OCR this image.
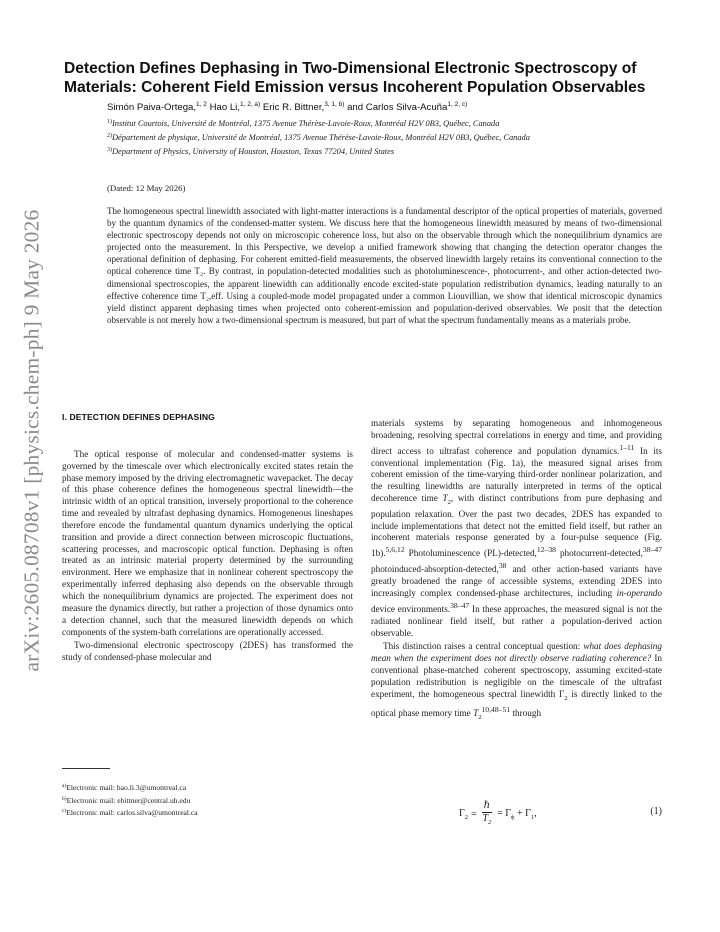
arXiv:2605.08708v1 [physics.chem-ph] 9 May 2026
Detection Defines Dephasing in Two-Dimensional Electronic Spectroscopy of Materials: Coherent Field Emission versus Incoherent Population Observables
Simón Paiva-Ortega,$^{1, 2}$ Hao Li,$^{1, 2, a)}$ Eric R. Bittner,$^{3, 1, b)}$ and Carlos Silva-Acuña$^{1, 2, c)}$
$^{1)}$Institut Courtois, Université de Montréal, 1375 Avenue Thérèse-Lavoie-Roux, Montréal H2V 0B3, Québec, Canada
$^{2)}$Département de physique, Université de Montréal, 1375 Avenue Thérèse-Lavoie-Roux, Montréal H2V 0B3, Québec, Canada
$^{3)}$Department of Physics, University of Houston, Houston, Texas 77204, United States
(Dated: 12 May 2026)
The homogeneous spectral linewidth associated with light-matter interactions is a fundamental descriptor of the optical properties of materials, governed by the quantum dynamics of the condensed-matter system. We discuss here that the homogeneous linewidth measured by means of two-dimensional electronic spectroscopy depends not only on microscopic coherence loss, but also on the observable through which the nonequilibrium dynamics are projected onto the measurement. In this Perspective, we develop a unified framework showing that changing the detection operator changes the operational definition of dephasing. For coherent emitted-field measurements, the observed linewidth largely retains its conventional connection to the optical coherence time T₂. By contrast, in population-detected modalities such as photoluminescence-, photocurrent-, and other action-detected two-dimensional spectroscopies, the apparent linewidth can additionally encode excited-state population redistribution dynamics, leading naturally to an effective coherence time T₂,eff. Using a coupled-mode model propagated under a common Liouvillian, we show that identical microscopic dynamics yield distinct apparent dephasing times when projected onto coherent-emission and population-derived observables. We posit that the detection observable is not merely how a two-dimensional spectrum is measured, but part of what the spectrum fundamentally means as a materials probe.
I. DETECTION DEFINES DEPHASING

The optical response of molecular and condensed-matter systems is governed by the timescale over which electronically excited states retain the phase memory imposed by the driving electromagnetic wavepacket. The decay of this phase coherence defines the homogeneous spectral linewidth—the intrinsic width of an optical transition, inversely proportional to the coherence time and revealed by ultrafast dephasing dynamics. Homogeneous lineshapes therefore encode the fundamental quantum dynamics underlying the optical transition and provide a direct connection between microscopic fluctuations, scattering processes, and macroscopic optical function. Dephasing is often treated as an intrinsic material property determined by the surrounding environment. Here we emphasize that in nonlinear coherent spectroscopy the experimentally inferred dephasing also depends on the observable through which the nonequilibrium dynamics are projected. The experiment does not measure the dynamics directly, but rather a projection of those dynamics onto a detection channel, such that the measured linewidth depends on which components of the system-bath correlations are operationally accessed.

Two-dimensional electronic spectroscopy (2DES) has transformed the study of condensed-phase molecular and

materials systems by separating homogeneous and inhomogeneous broadening, resolving spectral correlations in energy and time, and providing direct access to ultrafast coherence and population dynamics.$^{1-11}$ In its conventional implementation (Fig. 1a), the measured signal arises from coherent emission of the time-varying third-order nonlinear polarization, and the resulting linewidths are naturally interpreted in terms of the optical decoherence time $T_2$, with distinct contributions from pure dephasing and population relaxation. Over the past two decades, 2DES has expanded to include implementations that detect not the emitted field itself, but rather an incoherent materials response generated by a four-pulse sequence (Fig. 1b).$^{5,6,12}$ Photoluminescence (PL)-detected,$^{12-38}$ photocurrent-detected,$^{38-47}$ photoinduced-absorption-detected,$^{38}$ and other action-based variants have greatly broadened the range of accessible systems, extending 2DES into increasingly complex condensed-phase architectures, including in-operando device environments.$^{38-47}$ In these approaches, the measured signal is not the radiated nonlinear field itself, but rather a population-derived action observable.

This distinction raises a central conceptual question: what does dephasing mean when the experiment does not directly observe radiating coherence? In conventional phase-matched coherent spectroscopy, assuming excited-state population redistribution is negligible on the timescale of the ultrafast experiment, the homogeneous spectral linewidth $\Gamma_2$ is directly linked to the optical phase memory time $T_2^{10,48-51}$ through

$^{a)}$Electronic mail: hao.li.3@umontreal.ca
$^{b)}$Electronic mail: ebittner@central.uh.edu
$^{c)}$Electronic mail: carlos.silva@umontreal.ca	$\Gamma_2 = \frac{\text{ℏ}}{T_2} = \Gamma_\phi + \Gamma_1$,	(1)
